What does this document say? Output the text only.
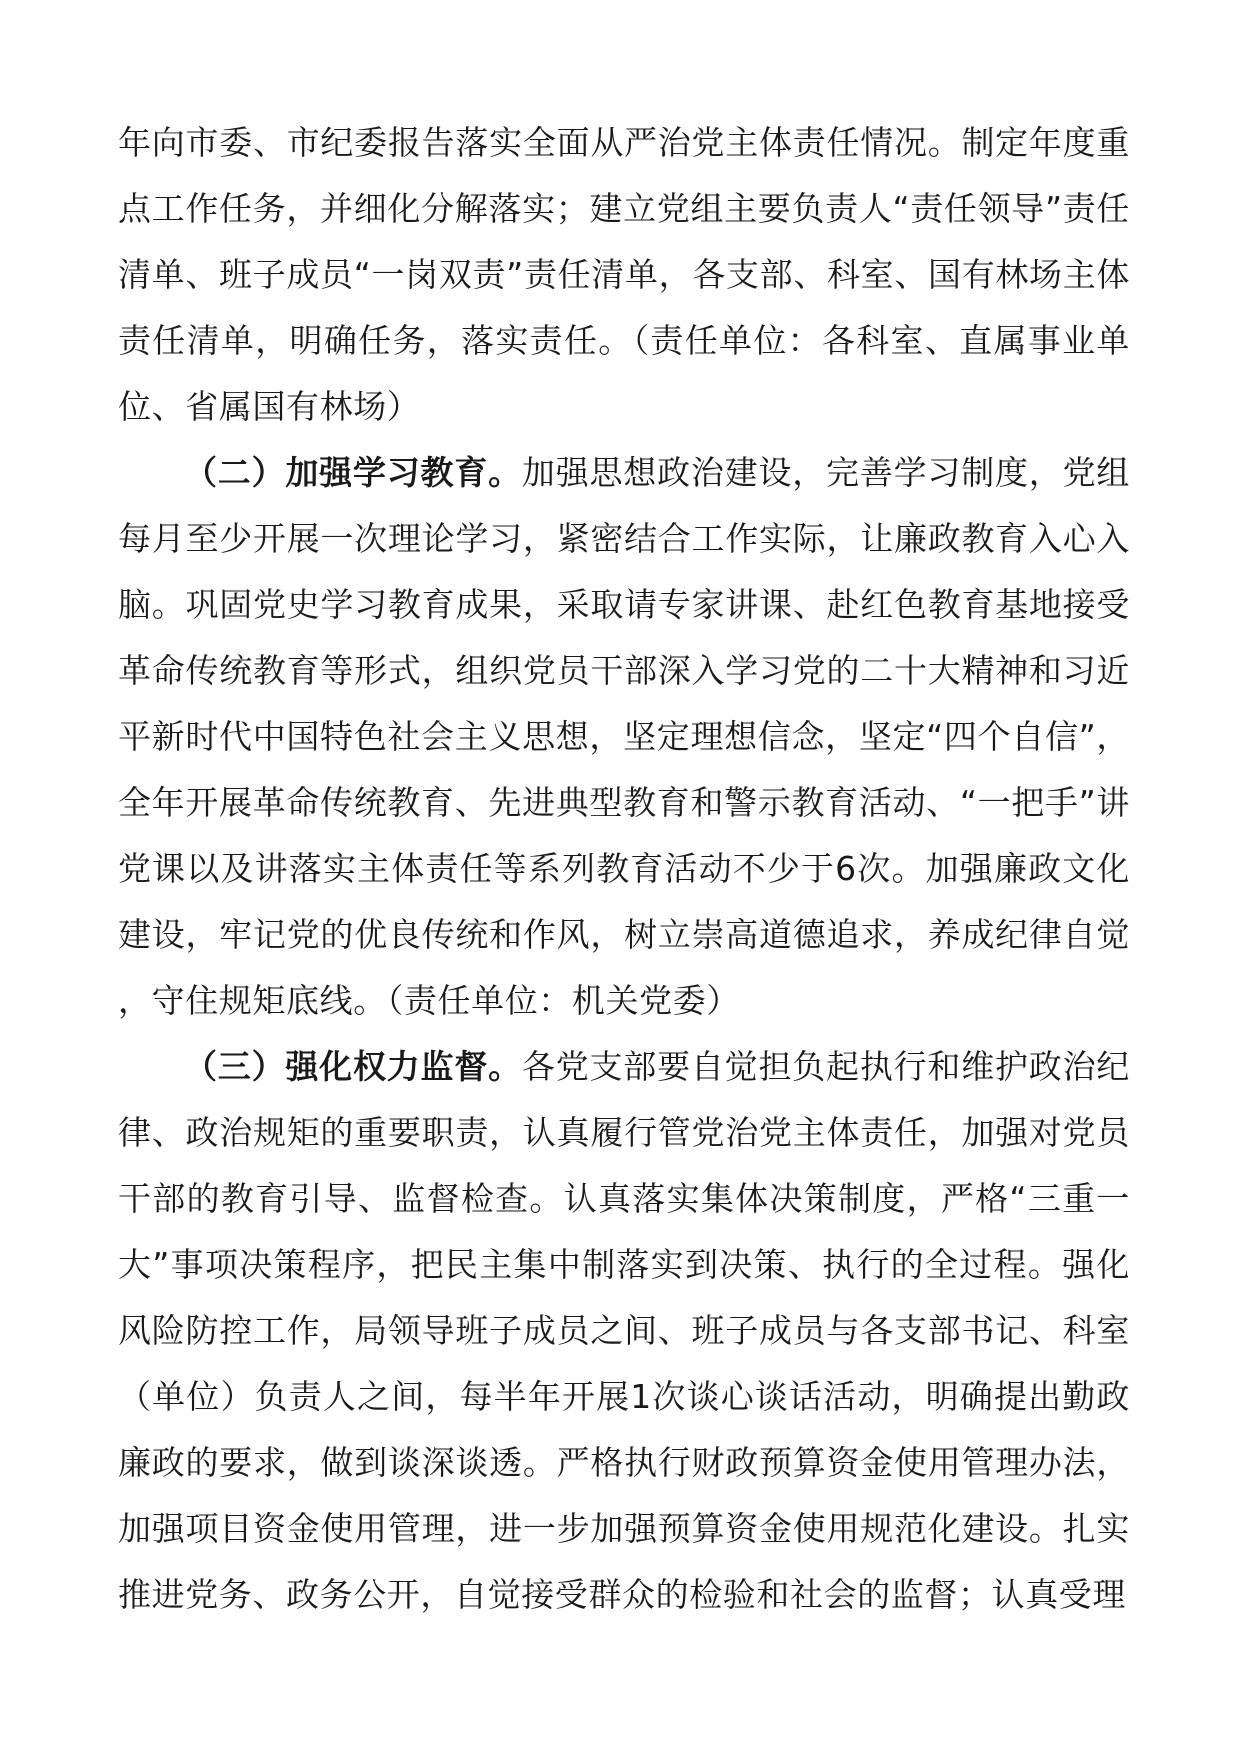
年向市委、市纪委报告落实全面从严治党主体责任情况。制定年度重点工作任务，并细化分解落实；建立党组主要负责人“责任领导”责任清单、班子成员“一岗双责”责任清单，各支部、科室、国有林场主体责任清单，明确任务，落实责任。（责任单位：各科室、直属事业单位、省属国有林场）

（二）加强学习教育。加强思想政治建设，完善学习制度，党组每月至少开展一次理论学习，紧密结合工作实际，让廉政教育入心入脑。巩固党史学习教育成果，采取请专家讲课、赴红色教育基地接受革命传统教育等形式，组织党员干部深入学习党的二十大精神和习近平新时代中国特色社会主义思想，坚定理想信念，坚定“四个自信”，全年开展革命传统教育、先进典型教育和警示教育活动、“一把手”讲党课以及讲落实主体责任等系列教育活动不少于6次。加强廉政文化建设，牢记党的优良传统和作风，树立崇高道德追求，养成纪律自觉，守住规矩底线。（责任单位：机关党委）

（三）强化权力监督。各党支部要自觉担负起执行和维护政治纪律、政治规矩的重要职责，认真履行管党治党主体责任，加强对党员干部的教育引导、监督检查。认真落实集体决策制度，严格“三重一大”事项决策程序，把民主集中制落实到决策、执行的全过程。强化风险防控工作，局领导班子成员之间、班子成员与各支部书记、科室（单位）负责人之间，每半年开展1次谈心谈话活动，明确提出勤政廉政的要求，做到谈深谈透。严格执行财政预算资金使用管理办法，加强项目资金使用管理，进一步加强预算资金使用规范化建设。扎实推进党务、政务公开，自觉接受群众的检验和社会的监督；认真受理
